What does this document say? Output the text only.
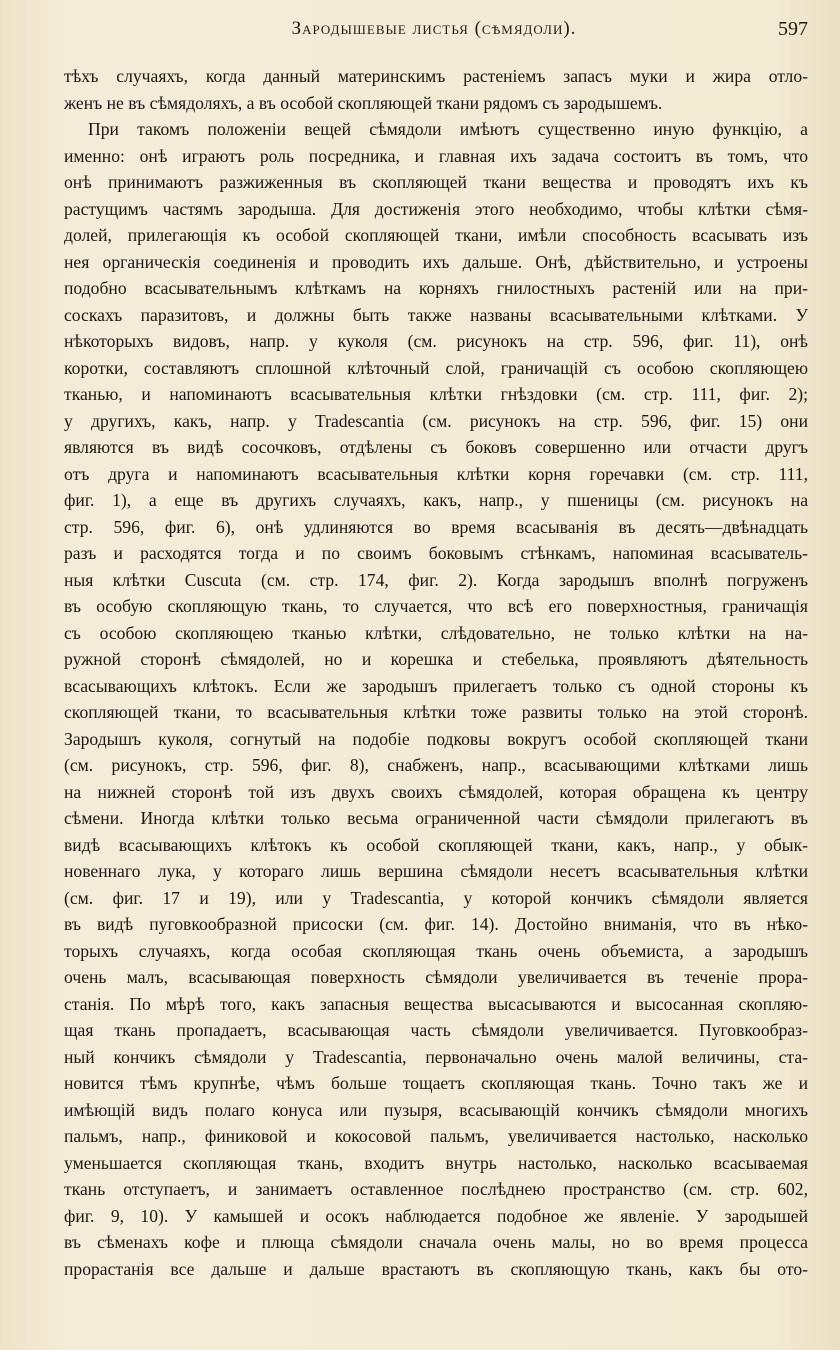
Зародышевые листья (сѣмядоли).	597
тѣхъ случаяхъ, когда данный материнскимъ растеніемъ запасъ муки и жира отло-
женъ не въ сѣмядоляхъ, а въ особой скопляющей ткани рядомъ съ зародышемъ.
При такомъ положеніи вещей сѣмядоли имѣютъ существенно иную функцію, а
именно: онѣ играютъ роль посредника, и главная ихъ задача состоитъ въ томъ, что
онѣ принимаютъ разжиженныя въ скопляющей ткани вещества и проводятъ ихъ къ
растущимъ частямъ зародыша. Для достиженія этого необходимо, чтобы клѣтки сѣмя-
долей, прилегающія къ особой скопляющей ткани, имѣли способность всасывать изъ
нея органическія соединенія и проводить ихъ дальше. Онѣ, дѣйствительно, и устроены
подобно всасывательнымъ клѣткамъ на корняхъ гнилостныхъ растеній или на при-
соскахъ паразитовъ, и должны быть также названы всасывательными клѣтками. У
нѣкоторыхъ видовъ, напр. у куколя (см. рисунокъ на стр. 596, фиг. 11), онѣ
коротки, составляютъ сплошной клѣточный слой, граничащій съ особою скопляющею
тканью, и напоминаютъ всасывательныя клѣтки гнѣздовки (см. стр. 111, фиг. 2);
у другихъ, какъ, напр. у Tradescantia (см. рисунокъ на стр. 596, фиг. 15) они
являются въ видѣ сосочковъ, отдѣлены съ боковъ совершенно или отчасти другъ
отъ друга и напоминаютъ всасывательныя клѣтки корня горечавки (см. стр. 111,
фиг. 1), а еще въ другихъ случаяхъ, какъ, напр., у пшеницы (см. рисунокъ на
стр. 596, фиг. 6), онѣ удлиняются во время всасыванія въ десять—двѣнадцать
разъ и расходятся тогда и по своимъ боковымъ стѣнкамъ, напоминая всасыватель-
ныя клѣтки Cuscuta (см. стр. 174, фиг. 2). Когда зародышъ вполнѣ погруженъ
въ особую скопляющую ткань, то случается, что всѣ его поверхностныя, граничащія
съ особою скопляющею тканью клѣтки, слѣдовательно, не только клѣтки на на-
ружной сторонѣ сѣмядолей, но и корешка и стебелька, проявляютъ дѣятельность
всасывающихъ клѣтокъ. Если же зародышъ прилегаетъ только съ одной стороны къ
скопляющей ткани, то всасывательныя клѣтки тоже развиты только на этой сторонѣ.
Зародышъ куколя, согнутый на подобіе подковы вокругъ особой скопляющей ткани
(см. рисунокъ, стр. 596, фиг. 8), снабженъ, напр., всасывающими клѣтками лишь
на нижней сторонѣ той изъ двухъ своихъ сѣмядолей, которая обращена къ центру
сѣмени. Иногда клѣтки только весьма ограниченной части сѣмядоли прилегаютъ въ
видѣ всасывающихъ клѣтокъ къ особой скопляющей ткани, какъ, напр., у обык-
новеннаго лука, у котораго лишь вершина сѣмядоли несетъ всасывательныя клѣтки
(см. фиг. 17 и 19), или у Tradescantia, у которой кончикъ сѣмядоли является
въ видѣ пуговкообразной присоски (см. фиг. 14). Достойно вниманія, что въ нѣко-
торыхъ случаяхъ, когда особая скопляющая ткань очень объемиста, а зародышъ
очень малъ, всасывающая поверхность сѣмядоли увеличивается въ теченіе прора-
станія. По мѣрѣ того, какъ запасныя вещества высасываются и высосанная скопляю-
щая ткань пропадаетъ, всасывающая часть сѣмядоли увеличивается. Пуговкообраз-
ный кончикъ сѣмядоли у Tradescantia, первоначально очень малой величины, ста-
новится тѣмъ крупнѣе, чѣмъ больше тощаетъ скопляющая ткань. Точно такъ же и
имѣющій видъ полаго конуса или пузыря, всасывающій кончикъ сѣмядоли многихъ
пальмъ, напр., финиковой и кокосовой пальмъ, увеличивается настолько, насколько
уменьшается скопляющая ткань, входитъ внутрь настолько, насколько всасываемая
ткань отступаетъ, и занимаетъ оставленное послѣднею пространство (см. стр. 602,
фиг. 9, 10). У камышей и осокъ наблюдается подобное же явленіе. У зародышей
въ сѣменахъ кофе и плюща сѣмядоли сначала очень малы, но во время процесса
прорастанія все дальше и дальше врастаютъ въ скопляющую ткань, какъ бы ото-
